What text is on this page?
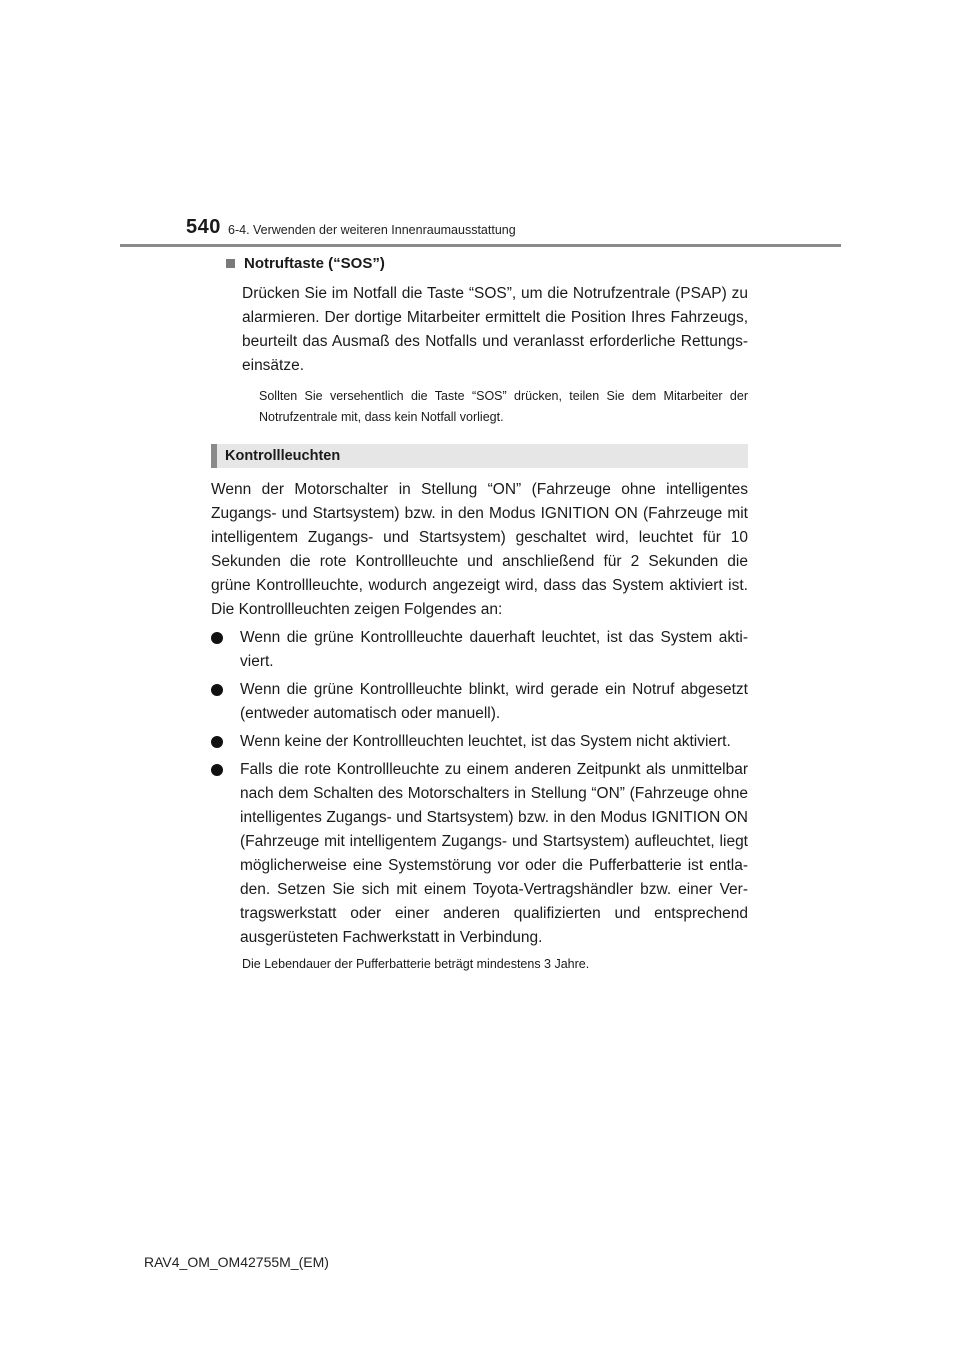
540 6-4. Verwenden der weiteren Innenraumausstattung
Notruftaste (“SOS”)

Drücken Sie im Notfall die Taste “SOS”, um die Notrufzentrale (PSAP) zu alarmieren. Der dortige Mitarbeiter ermittelt die Position Ihres Fahrzeugs, beurteilt das Ausmaß des Notfalls und veranlasst erforderliche Rettungs-einsätze.

Sollten Sie versehentlich die Taste “SOS” drücken, teilen Sie dem Mitarbeiter der Notrufzentrale mit, dass kein Notfall vorliegt.

Kontrollleuchten

Wenn der Motorschalter in Stellung “ON” (Fahrzeuge ohne intelligentes Zugangs- und Startsystem) bzw. in den Modus IGNITION ON (Fahrzeuge mit intelligentem Zugangs- und Startsystem) geschaltet wird, leuchtet für 10 Sekunden die rote Kontrollleuchte und anschließend für 2 Sekunden die grüne Kontrollleuchte, wodurch angezeigt wird, dass das System aktiviert ist. Die Kontrollleuchten zeigen Folgendes an:

Wenn die grüne Kontrollleuchte dauerhaft leuchtet, ist das System akti-viert.
Wenn die grüne Kontrollleuchte blinkt, wird gerade ein Notruf abgesetzt (entweder automatisch oder manuell).
Wenn keine der Kontrollleuchten leuchtet, ist das System nicht aktiviert.
Falls die rote Kontrollleuchte zu einem anderen Zeitpunkt als unmittelbar nach dem Schalten des Motorschalters in Stellung “ON” (Fahrzeuge ohne intelligentes Zugangs- und Startsystem) bzw. in den Modus IGNITION ON (Fahrzeuge mit intelligentem Zugangs- und Startsystem) aufleuchtet, liegt möglicherweise eine Systemstörung vor oder die Pufferbatterie ist entla-den. Setzen Sie sich mit einem Toyota-Vertragshändler bzw. einer Ver-tragswerkstatt oder einer anderen qualifizierten und entsprechend ausgerüsteten Fachwerkstatt in Verbindung.

Die Lebendauer der Pufferbatterie beträgt mindestens 3 Jahre.

RAV4_OM_OM42755M_(EM)
